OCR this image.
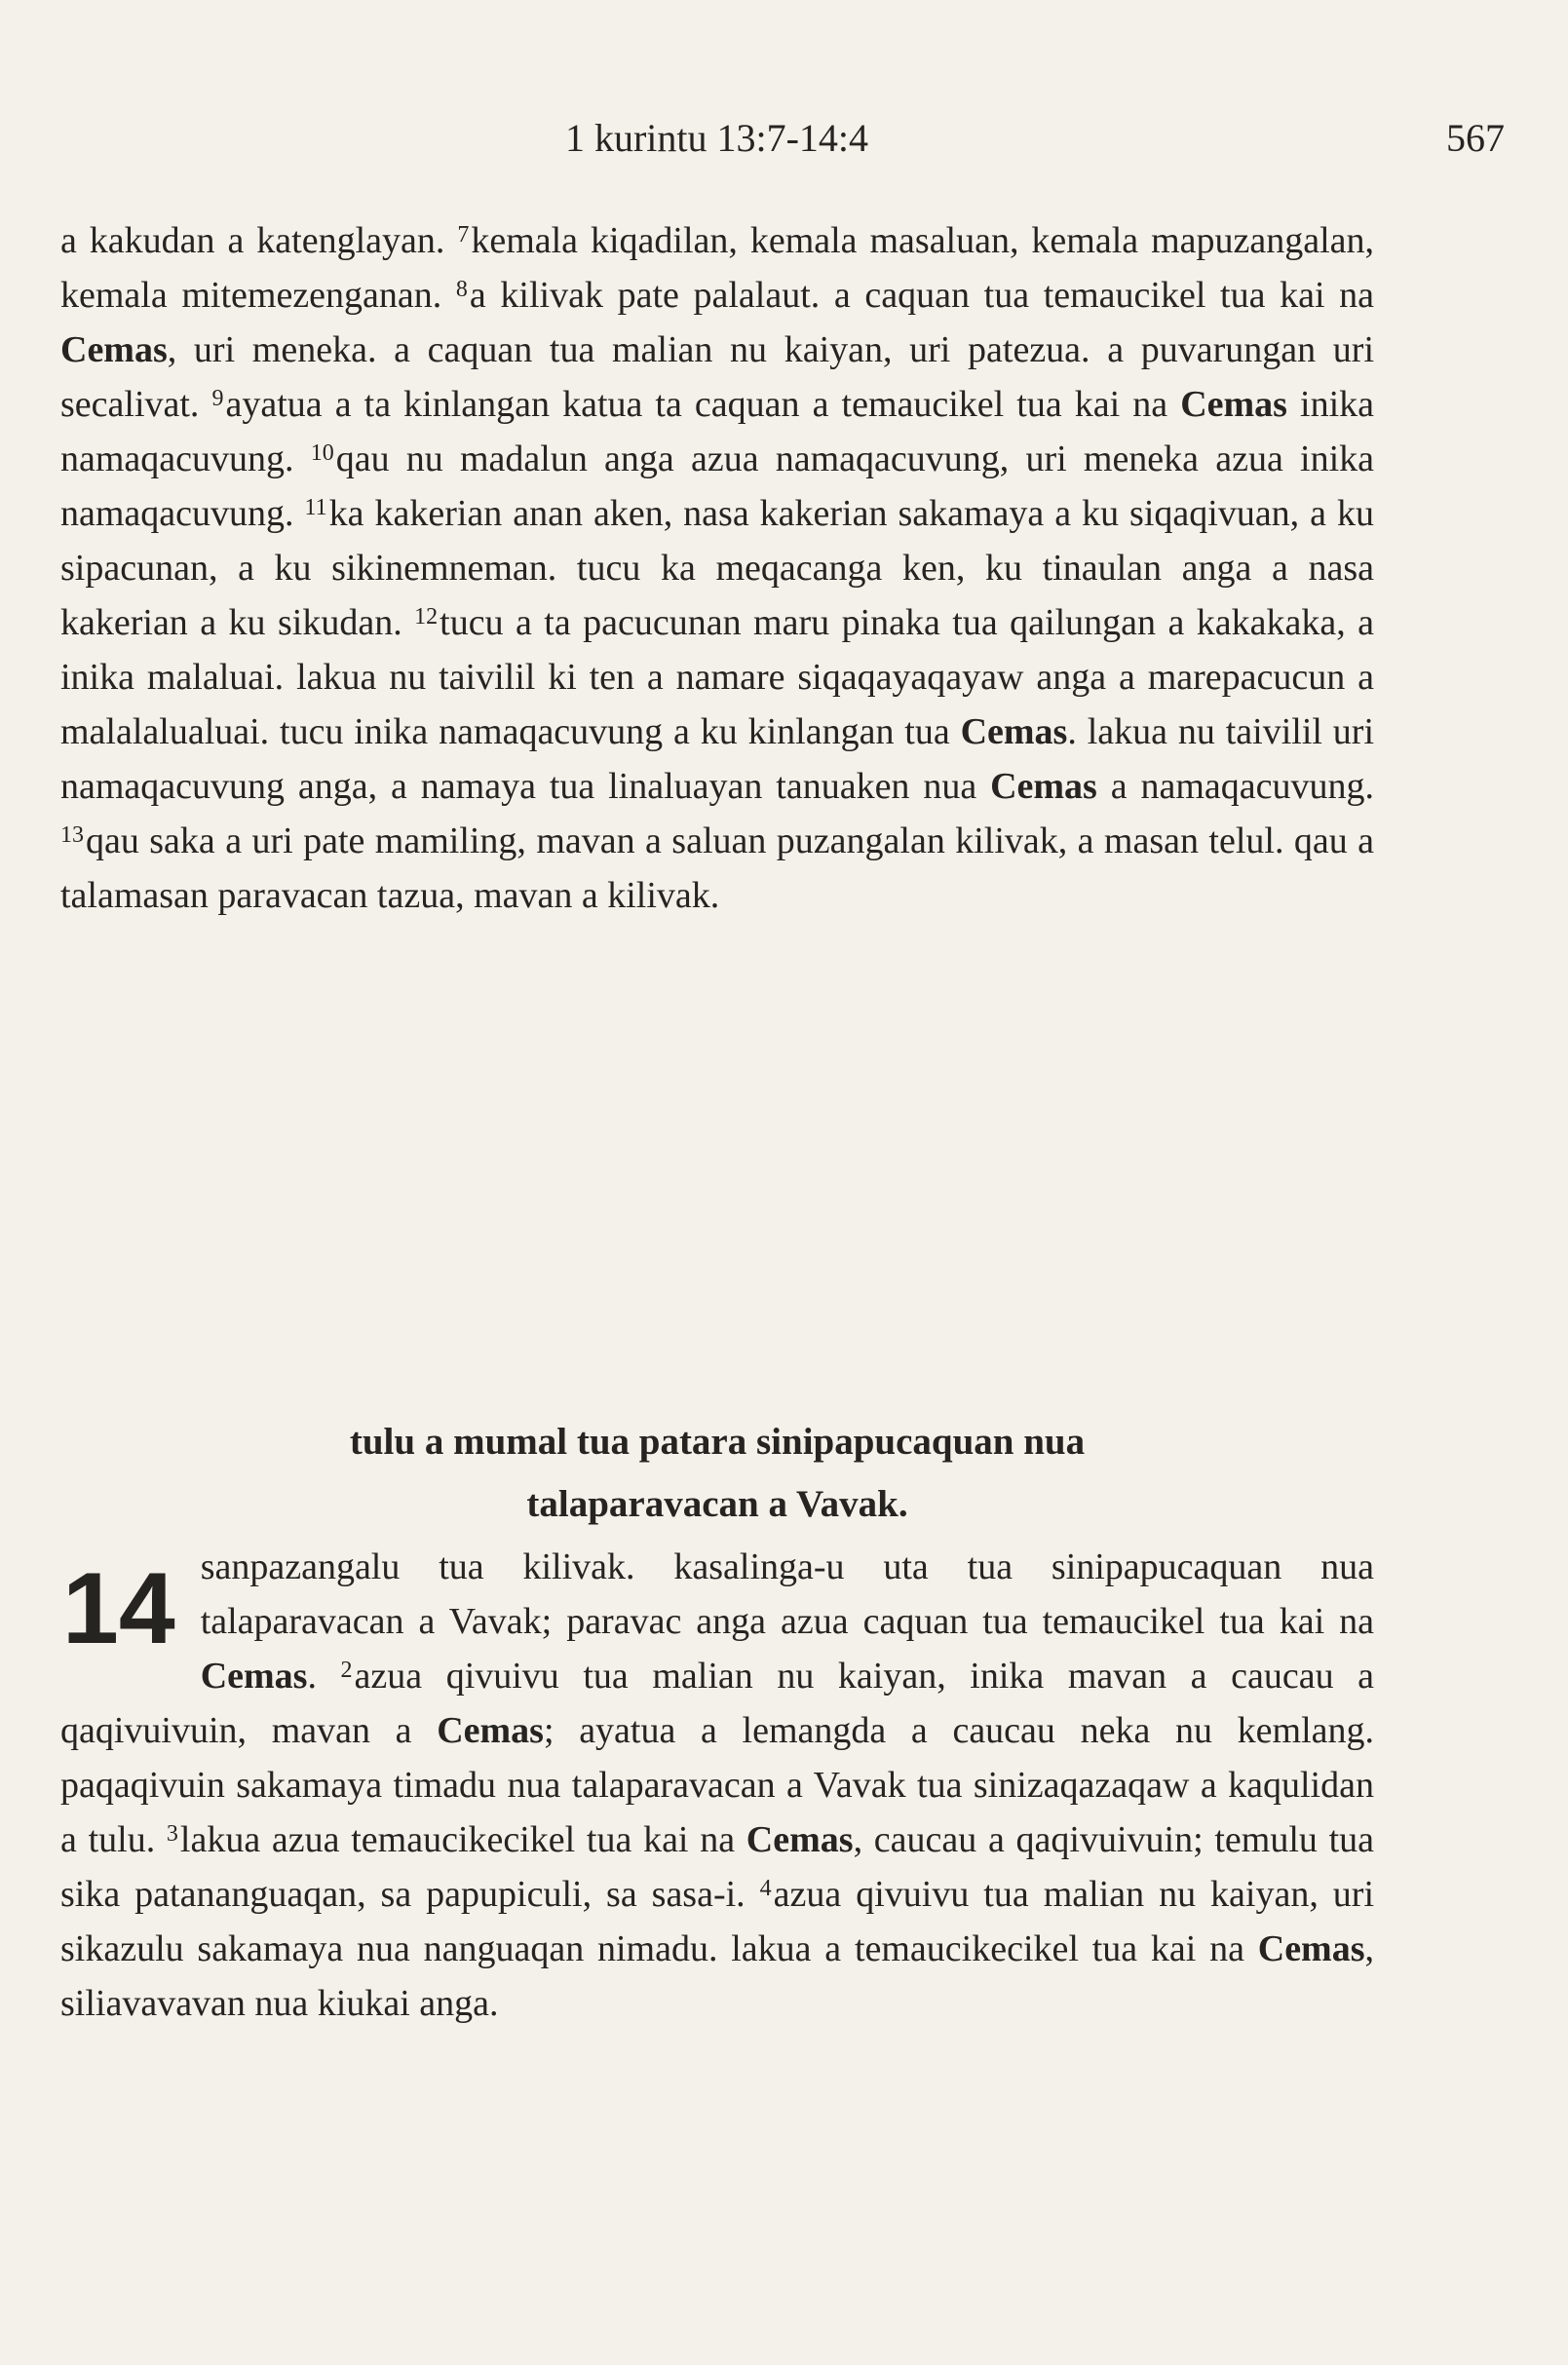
1 kurintu 13:7-14:4	567

a kakudan a katenglayan. $^7$kemala kiqadilan, kemala masaluan, kemala mapuzangalan, kemala mitemezenganan. $^8$a kilivak pate palalaut. a caquan tua temaucikel tua kai na Cemas, uri meneka. a caquan tua malian nu kaiyan, uri patezua. a puvarungan uri secalivat. $^9$ayatua a ta kinlangan katua ta caquan a temaucikel tua kai na Cemas inika namaqacuvung. $^{10}$qau nu madalun anga azua namaqacuvung, uri meneka azua inika namaqacuvung. $^{11}$ka kakerian anan aken, nasa kakerian sakamaya a ku siqaqivuan, a ku sipacunan, a ku sikinemneman. tucu ka meqacanga ken, ku tinaulan anga a nasa kakerian a ku sikudan. $^{12}$tucu a ta pacucunan maru pinaka tua qailungan a kakakaka, a inika malaluai. lakua nu taivilil ki ten a namare siqaqayaqayaw anga a marepacucun a malalalualuai. tucu inika namaqacuvung a ku kinlangan tua Cemas. lakua nu taivilil uri namaqacuvung anga, a namaya tua linaluayan tanuaken nua Cemas a namaqacuvung. $^{13}$qau saka a uri pate mamiling, mavan a saluan puzangalan kilivak, a masan telul. qau a talamasan paravacan tazua, mavan a kilivak.

tulu a mumal tua patara sinipapucaquan nua
talaparavacan a Vavak.
14 sanpazangalu tua kilivak. kasalinga-u uta tua sinipapucaquan nua talaparavacan a Vavak; paravac anga azua caquan tua temaucikel tua kai na Cemas. $^2$azua qivuivu tua malian nu kaiyan, inika mavan a caucau a qaqivuivuin, mavan a Cemas; ayatua a lemangda a caucau neka nu kemlang. paqaqivuin sakamaya timadu nua talaparavacan a Vavak tua sinizaqazaqaw a kaqulidan a tulu. $^3$lakua azua temaucikecikel tua kai na Cemas, caucau a qaqivuivuin; temulu tua sika patananguaqan, sa papupiculi, sa sasa-i. $^4$azua qivuivu tua malian nu kaiyan, uri sikazulu sakamaya nua nanguaqan nimadu. lakua a temaucikecikel tua kai na Cemas, siliavavavan nua kiukai anga.
